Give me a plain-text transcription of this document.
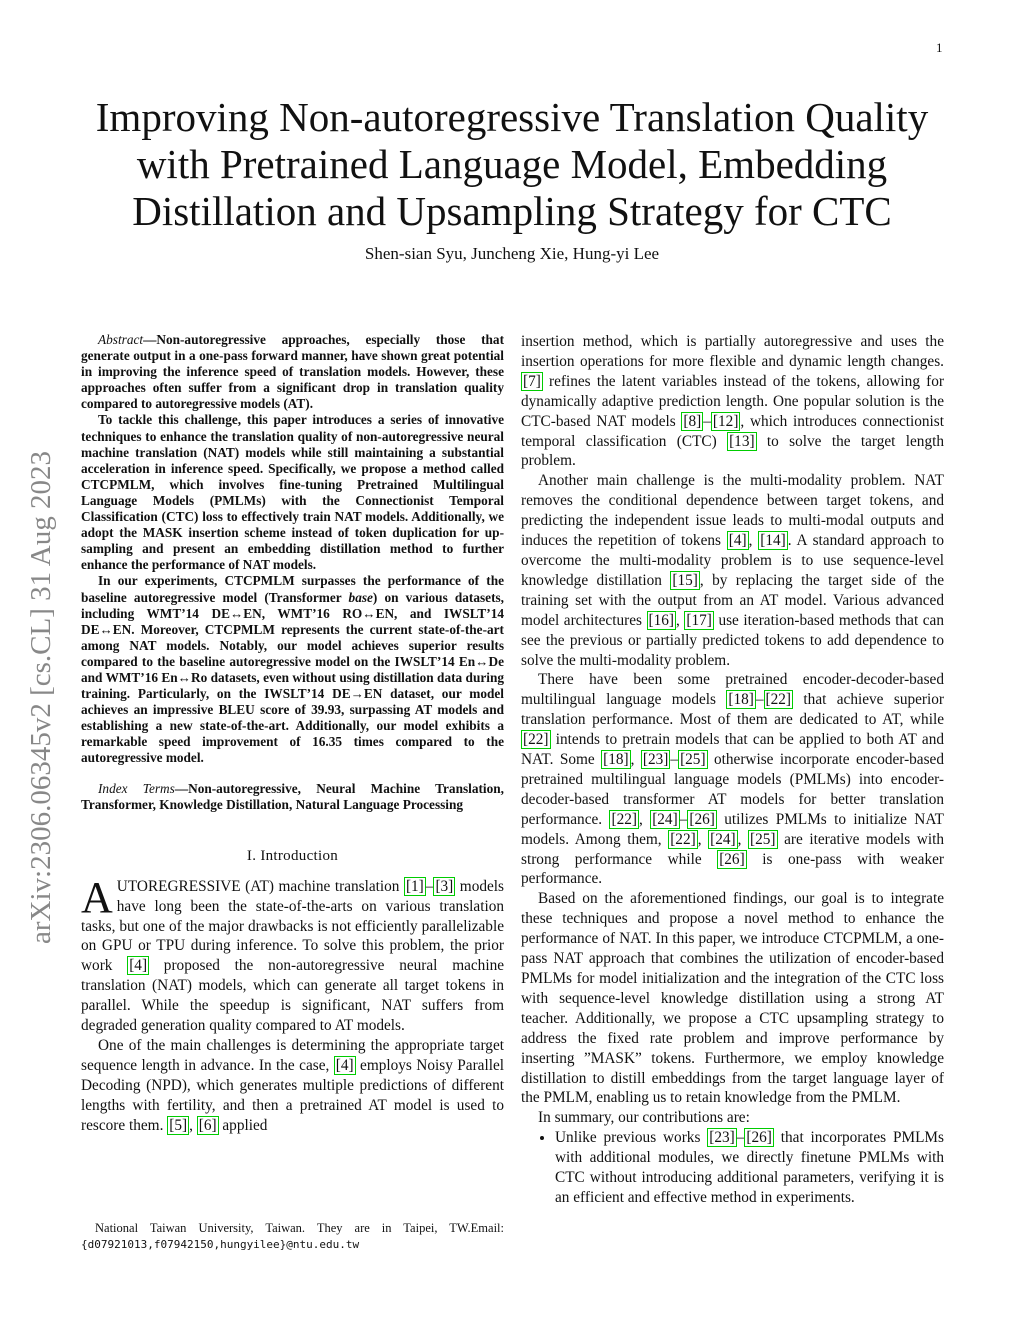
1
arXiv:2306.06345v2 [cs.CL] 31 Aug 2023
Improving Non-autoregressive Translation Quality
with Pretrained Language Model, Embedding
Distillation and Upsampling Strategy for CTC
Shen-sian Syu, Juncheng Xie, Hung-yi Lee

Abstract—Non-autoregressive approaches, especially those that generate output in a one-pass forward manner, have shown great potential in improving the inference speed of translation models. However, these approaches often suffer from a significant drop in translation quality compared to autoregressive models (AT).

To tackle this challenge, this paper introduces a series of innovative techniques to enhance the translation quality of non-autoregressive neural machine translation (NAT) models while still maintaining a substantial acceleration in inference speed. Specifically, we propose a method called CTCPMLM, which involves fine-tuning Pretrained Multilingual Language Models (PMLMs) with the Connectionist Temporal Classification (CTC) loss to effectively train NAT models. Additionally, we adopt the MASK insertion scheme instead of token duplication for up-sampling and present an embedding distillation method to further enhance the performance of NAT models.

In our experiments, CTCPMLM surpasses the performance of the baseline autoregressive model (Transformer base) on various datasets, including WMT’14 DE↔EN, WMT’16 RO↔EN, and IWSLT’14 DE↔EN. Moreover, CTCPMLM represents the current state-of-the-art among NAT models. Notably, our model achieves superior results compared to the baseline autoregressive model on the IWSLT’14 En↔De and WMT’16 En↔Ro datasets, even without using distillation data during training. Particularly, on the IWSLT’14 DE→EN dataset, our model achieves an impressive BLEU score of 39.93, surpassing AT models and establishing a new state-of-the-art. Additionally, our model exhibits a remarkable speed improvement of 16.35 times compared to the autoregressive model.

Index Terms—Non-autoregressive, Neural Machine Translation, Transformer, Knowledge Distillation, Natural Language Processing

I. Introduction

AUTOREGRESSIVE (AT) machine translation [1] – [3] models have long been the state-of-the-arts on various translation tasks, but one of the major drawbacks is not efficiently parallelizable on GPU or TPU during inference. To solve this problem, the prior work [4] proposed the non-autoregressive neural machine translation (NAT) models, which can generate all target tokens in parallel. While the speedup is significant, NAT suffers from degraded generation quality compared to AT models.

One of the main challenges is determining the appropriate target sequence length in advance. In the case, [4] employs Noisy Parallel Decoding (NPD), which generates multiple predictions of different lengths with fertility, and then a pretrained AT model is used to rescore them. [5] , [6] applied

National Taiwan University, Taiwan. They are in Taipei, TW.Email:{d07921013,f07942150,hungyilee}@ntu.edu.tw

insertion method, which is partially autoregressive and uses the insertion operations for more flexible and dynamic length changes. [7] refines the latent variables instead of the tokens, allowing for dynamically adaptive prediction length. One popular solution is the CTC-based NAT models [8] – [12] , which introduces connectionist temporal classification (CTC) [13] to solve the target length problem.

Another main challenge is the multi-modality problem. NAT removes the conditional dependence between target tokens, and predicting the independent issue leads to multi-modal outputs and induces the repetition of tokens [4] , [14] . A standard approach to overcome the multi-modality problem is to use sequence-level knowledge distillation [15] , by replacing the target side of the training set with the output from an AT model. Various advanced model architectures [16] , [17] use iteration-based methods that can see the previous or partially predicted tokens to add dependence to solve the multi-modality problem.

There have been some pretrained encoder-decoder-based multilingual language models [18] – [22] that achieve superior translation performance. Most of them are dedicated to AT, while [22] intends to pretrain models that can be applied to both AT and NAT. Some [18] , [23] – [25] otherwise incorporate encoder-based pretrained multilingual language models (PMLMs) into encoder-decoder-based transformer AT models for better translation performance. [22] , [24] – [26] utilizes PMLMs to initialize NAT models. Among them, [22] , [24] , [25] are iterative models with strong performance while [26] is one-pass with weaker performance.

Based on the aforementioned findings, our goal is to integrate these techniques and propose a novel method to enhance the performance of NAT. In this paper, we introduce CTCPMLM, a one-pass NAT approach that combines the utilization of encoder-based PMLMs for model initialization and the integration of the CTC loss with sequence-level knowledge distillation using a strong AT teacher. Additionally, we propose a CTC upsampling strategy to address the fixed rate problem and improve performance by inserting ”MASK” tokens. Furthermore, we employ knowledge distillation to distill embeddings from the target language layer of the PMLM, enabling us to retain knowledge from the PMLM.

In summary, our contributions are:

• Unlike previous works [23] – [26] that incorporates PMLMs with additional modules, we directly finetune PMLMs with CTC without introducing additional parameters, verifying it is an efficient and effective method in experiments.
